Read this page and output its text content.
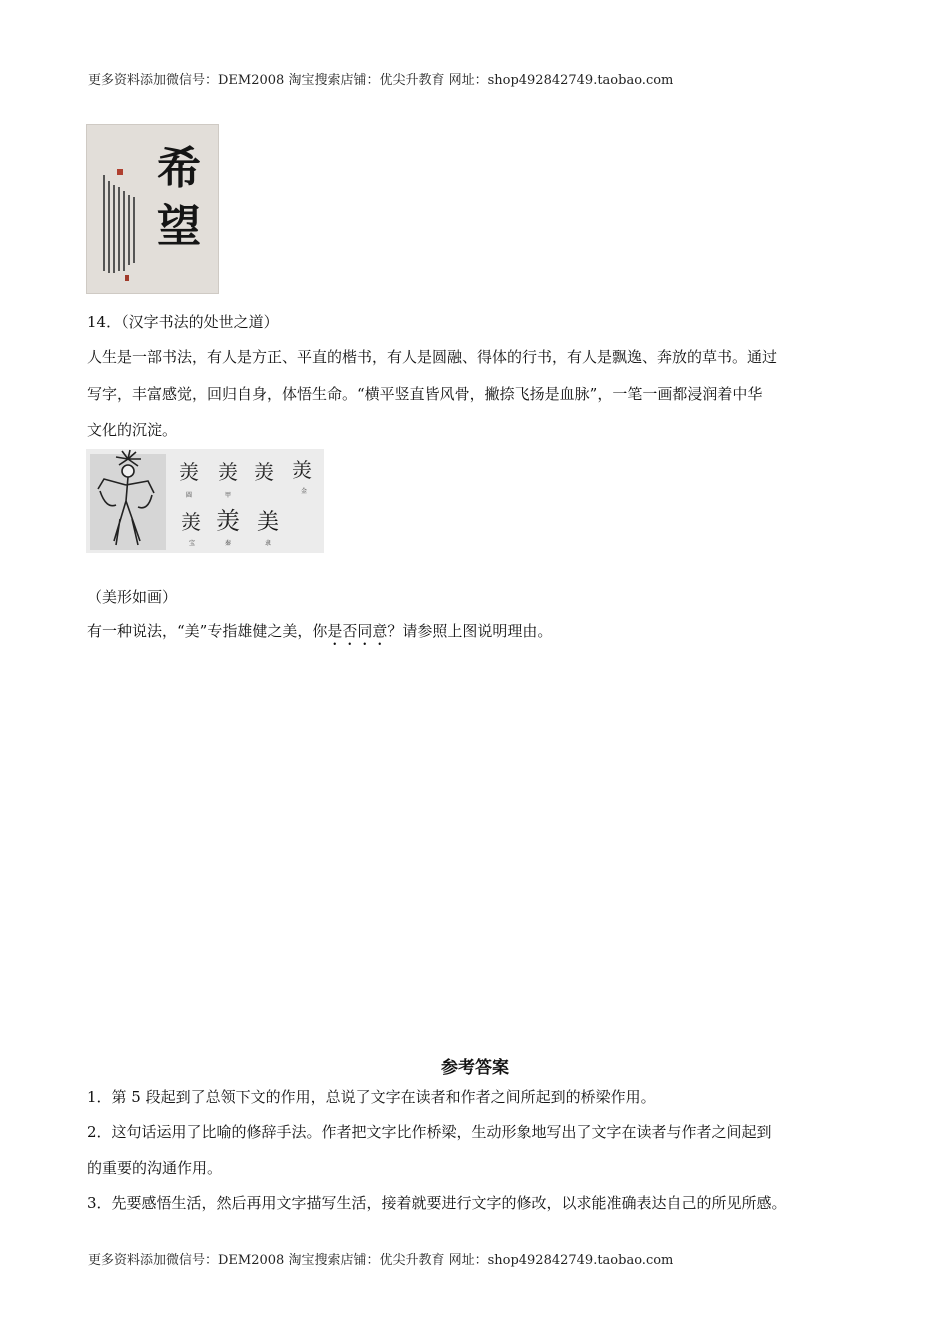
更多资料添加微信号：DEM2008 淘宝搜索店铺：优尖升教育 网址：shop492842749.taobao.com
希
望
14．（汉字书法的处世之道）
人生是一部书法，有人是方正、平直的楷书，有人是圆融、得体的行书，有人是飘逸、奔放的草书。通过
写字，丰富感觉，回归自身，体悟生命。“横平竖直皆风骨，撇捺飞扬是血脉”，一笔一画都浸润着中华
文化的沉淀。
羙 羙 羙 羙
羙 羙 美
圆	甲
金
宝	秦	隶
（美形如画）
有一种说法，“美”专指雄健之美，你是否同意？请参照上图说明理由。
参考答案
1．第 5 段起到了总领下文的作用，总说了文字在读者和作者之间所起到的桥梁作用。
2．这句话运用了比喻的修辞手法。作者把文字比作桥梁，生动形象地写出了文字在读者与作者之间起到
的重要的沟通作用。
3．先要感悟生活，然后再用文字描写生活，接着就要进行文字的修改，以求能准确表达自己的所见所感。
更多资料添加微信号：DEM2008 淘宝搜索店铺：优尖升教育 网址：shop492842749.taobao.com
